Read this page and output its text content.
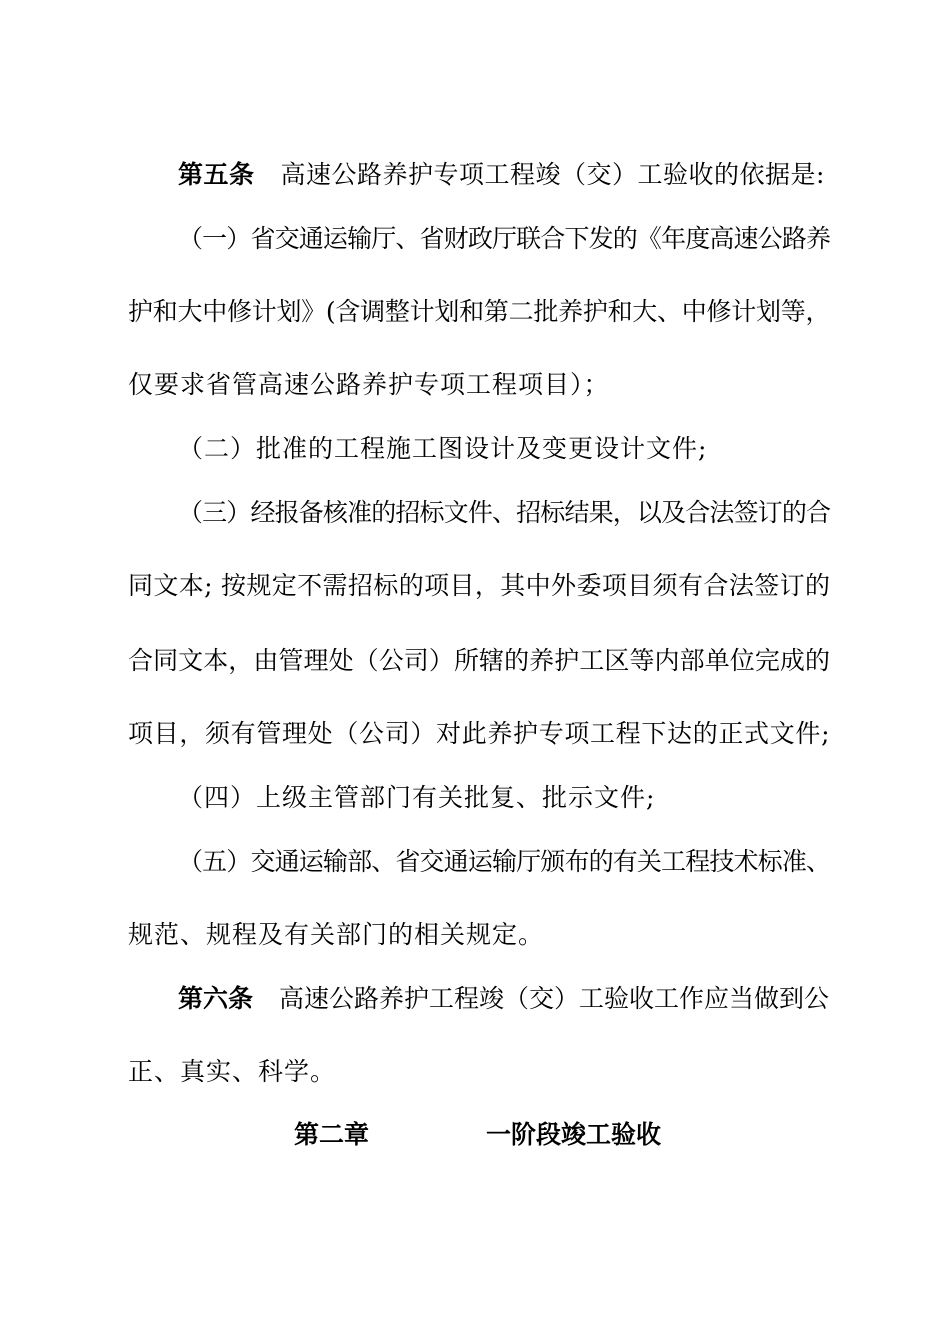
第五条 高速公路养护专项工程竣（交）工验收的依据是:
（一）省交通运输厅、省财政厅联合下发的《年度高速公路养
护和大中修计划》(含调整计划和第二批养护和大、中修计划等，
仅要求省管高速公路养护专项工程项目）；
（二）批准的工程施工图设计及变更设计文件;
（三）经报备核准的招标文件、招标结果，以及合法签订的合
同文本; 按规定不需招标的项目，其中外委项目须有合法签订的
合同文本，由管理处（公司）所辖的养护工区等内部单位完成的
项目，须有管理处（公司）对此养护专项工程下达的正式文件;
（四）上级主管部门有关批复、批示文件;
（五）交通运输部、省交通运输厅颁布的有关工程技术标准、
规范、规程及有关部门的相关规定。
第六条 高速公路养护工程竣（交）工验收工作应当做到公
正、真实、科学。
第二章	一阶段竣工验收
